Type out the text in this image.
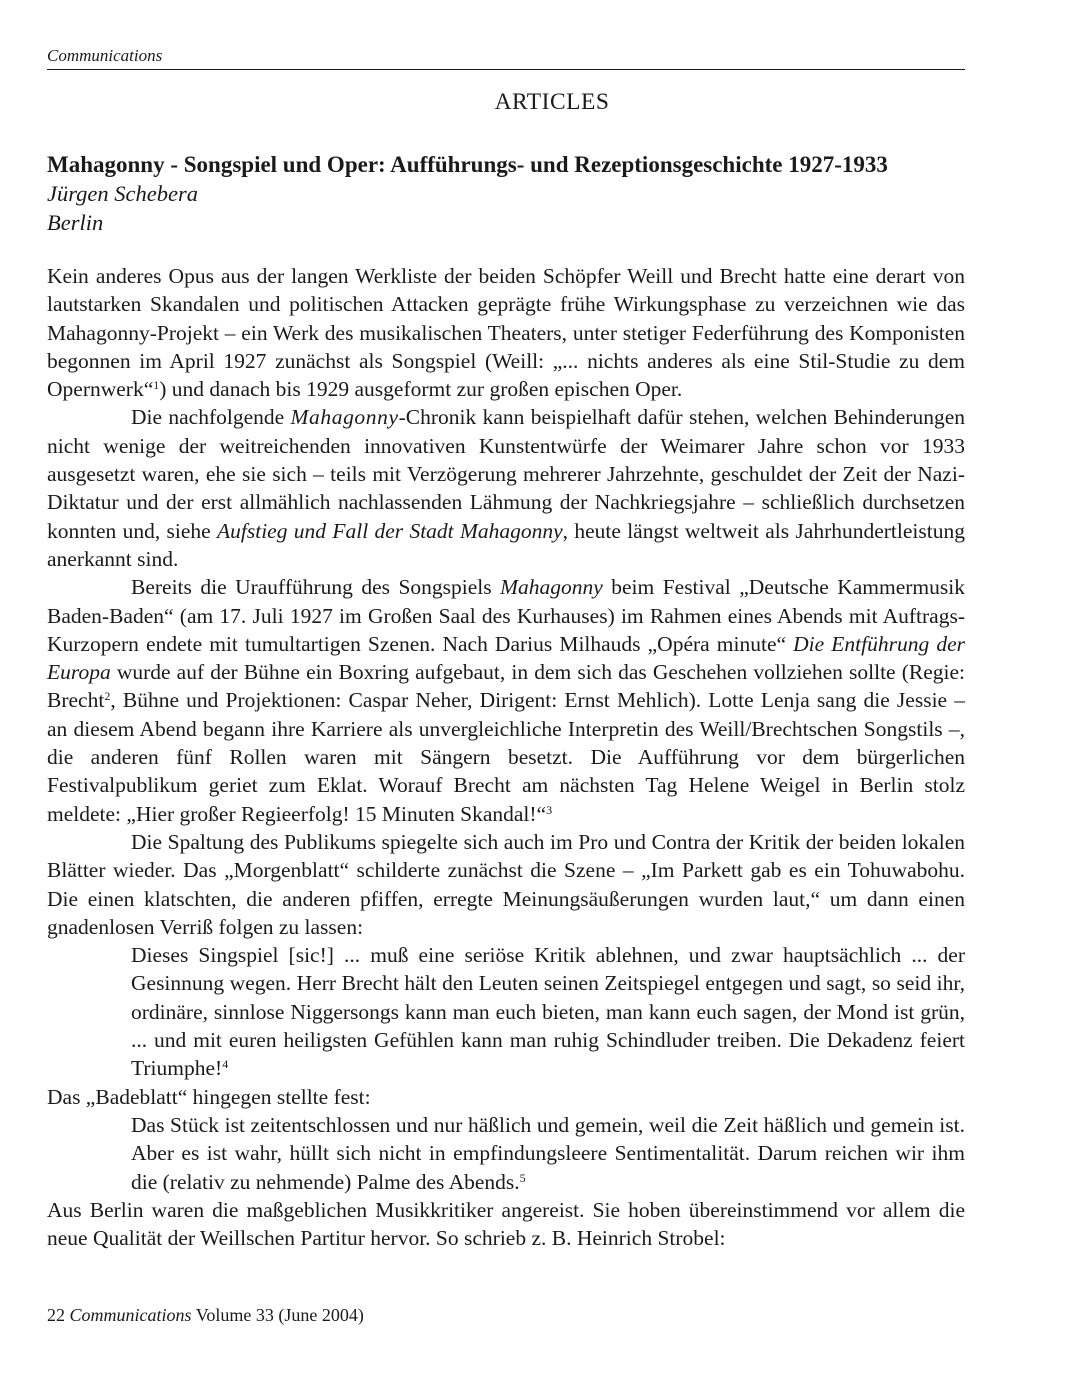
Communications
ARTICLES
Mahagonny - Songspiel und Oper: Aufführungs- und Rezeptionsgeschichte 1927-1933
Jürgen Schebera
Berlin

Kein anderes Opus aus der langen Werkliste der beiden Schöpfer Weill und Brecht hatte eine derart von lautstarken Skandalen und politischen Attacken geprägte frühe Wirkungsphase zu verzeichnen wie das Mahagonny-Projekt – ein Werk des musikalischen Theaters, unter stetiger Federführung des Komponisten begonnen im April 1927 zunächst als Songspiel (Weill: „... nichts anderes als eine Stil-Studie zu dem Opernwerk“$^1$) und danach bis 1929 ausgeformt zur großen epischen Oper.

Die nachfolgende Mahagonny-Chronik kann beispielhaft dafür stehen, welchen Behinderungen nicht wenige der weitreichenden innovativen Kunstentwürfe der Weimarer Jahre schon vor 1933 ausgesetzt waren, ehe sie sich – teils mit Verzögerung mehrerer Jahrzehnte, geschuldet der Zeit der Nazi-Diktatur und der erst allmählich nachlassenden Lähmung der Nachkriegsjahre – schließlich durchsetzen konnten und, siehe Aufstieg und Fall der Stadt Mahagonny, heute längst weltweit als Jahrhundertleistung anerkannt sind.

Bereits die Uraufführung des Songspiels Mahagonny beim Festival „Deutsche Kammermusik Baden-Baden“ (am 17. Juli 1927 im Großen Saal des Kurhauses) im Rahmen eines Abends mit Auftrags-Kurzopern endete mit tumultartigen Szenen. Nach Darius Milhauds „Opéra minute“ Die Entführung der Europa wurde auf der Bühne ein Boxring aufgebaut, in dem sich das Geschehen vollziehen sollte (Regie: Brecht$^2$, Bühne und Projektionen: Caspar Neher, Dirigent: Ernst Mehlich). Lotte Lenja sang die Jessie – an diesem Abend begann ihre Karriere als unvergleichliche Interpretin des Weill/Brechtschen Songstils –, die anderen fünf Rollen waren mit Sängern besetzt. Die Aufführung vor dem bürgerlichen Festivalpublikum geriet zum Eklat. Worauf Brecht am nächsten Tag Helene Weigel in Berlin stolz meldete: „Hier großer Regieerfolg! 15 Minuten Skandal!“$^3$

Die Spaltung des Publikums spiegelte sich auch im Pro und Contra der Kritik der beiden lokalen Blätter wieder. Das „Morgenblatt“ schilderte zunächst die Szene – „Im Parkett gab es ein Tohuwabohu. Die einen klatschten, die anderen pfiffen, erregte Meinungsäußerungen wurden laut,“ um dann einen gnadenlosen Verriß folgen zu lassen:

Dieses Singspiel [sic!] ... muß eine seriöse Kritik ablehnen, und zwar hauptsächlich ... der Gesinnung wegen. Herr Brecht hält den Leuten seinen Zeitspiegel entgegen und sagt, so seid ihr, ordinäre, sinnlose Niggersongs kann man euch bieten, man kann euch sagen, der Mond ist grün, ... und mit euren heiligsten Gefühlen kann man ruhig Schindluder treiben. Die Dekadenz feiert Triumphe!$^4$

Das „Badeblatt“ hingegen stellte fest:

Das Stück ist zeitentschlossen und nur häßlich und gemein, weil die Zeit häßlich und gemein ist. Aber es ist wahr, hüllt sich nicht in empfindungsleere Sentimentalität. Darum reichen wir ihm die (relativ zu nehmende) Palme des Abends.$^5$

Aus Berlin waren die maßgeblichen Musikkritiker angereist. Sie hoben übereinstimmend vor allem die neue Qualität der Weillschen Partitur hervor. So schrieb z. B. Heinrich Strobel:

22 Communications Volume 33 (June 2004)
